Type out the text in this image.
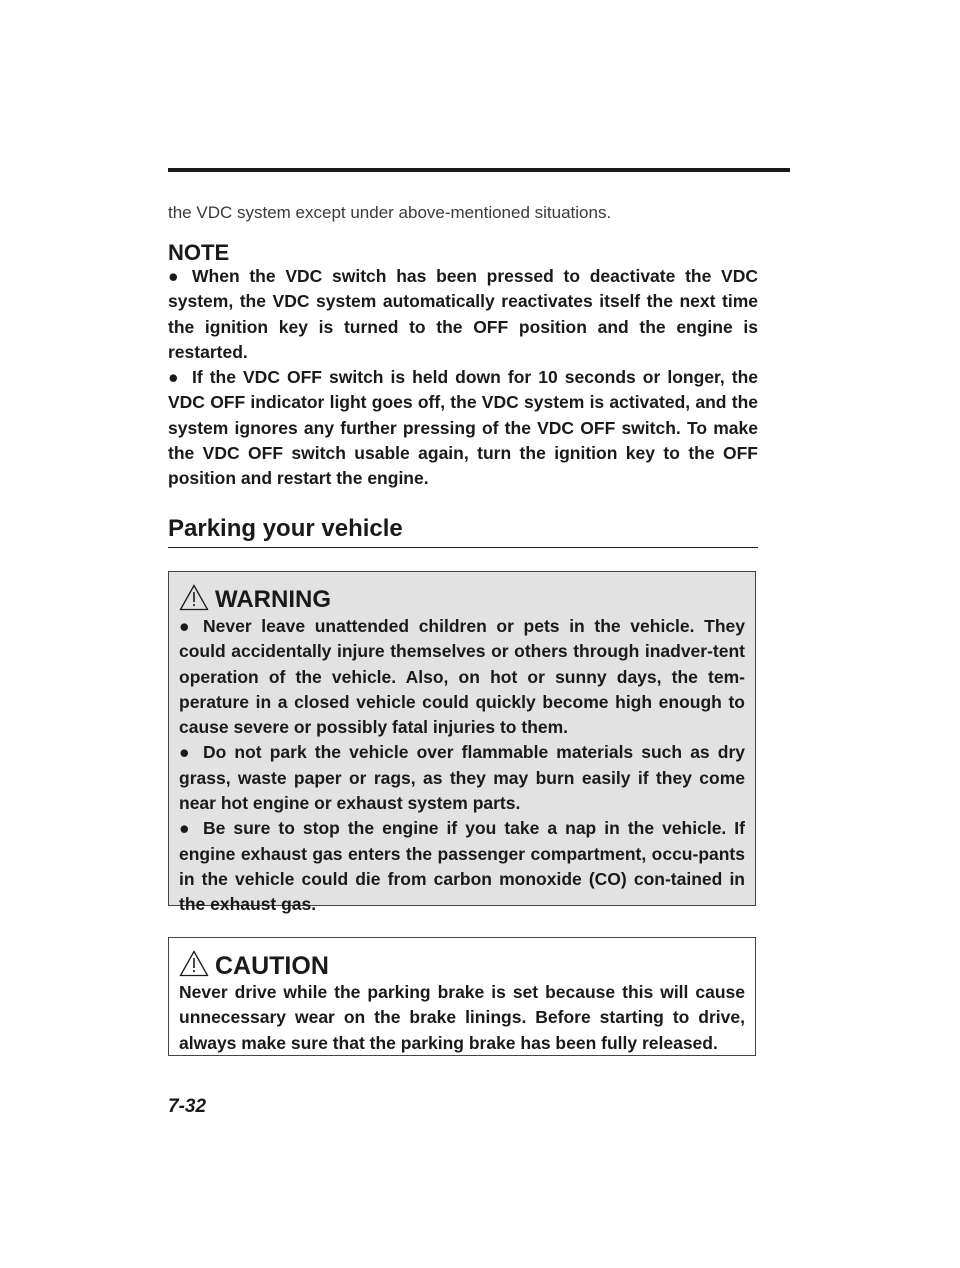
the VDC system except under above-mentioned situations.
NOTE

● When the VDC switch has been pressed to deactivate the VDC system, the VDC system automatically reactivates itself the next time the ignition key is turned to the OFF position and the engine is restarted.

● If the VDC OFF switch is held down for 10 seconds or longer, the VDC OFF indicator light goes off, the VDC system is activated, and the system ignores any further pressing of the VDC OFF switch. To make the VDC OFF switch usable again, turn the ignition key to the OFF position and restart the engine.

Parking your vehicle
WARNING

● Never leave unattended children or pets in the vehicle. They could accidentally injure themselves or others through inadver-tent operation of the vehicle. Also, on hot or sunny days, the tem-perature in a closed vehicle could quickly become high enough to cause severe or possibly fatal injuries to them.

● Do not park the vehicle over flammable materials such as dry grass, waste paper or rags, as they may burn easily if they come near hot engine or exhaust system parts.

● Be sure to stop the engine if you take a nap in the vehicle. If engine exhaust gas enters the passenger compartment, occu-pants in the vehicle could die from carbon monoxide (CO) con-tained in the exhaust gas.

CAUTION

Never drive while the parking brake is set because this will cause unnecessary wear on the brake linings. Before starting to drive, always make sure that the parking brake has been fully released.

7-32
